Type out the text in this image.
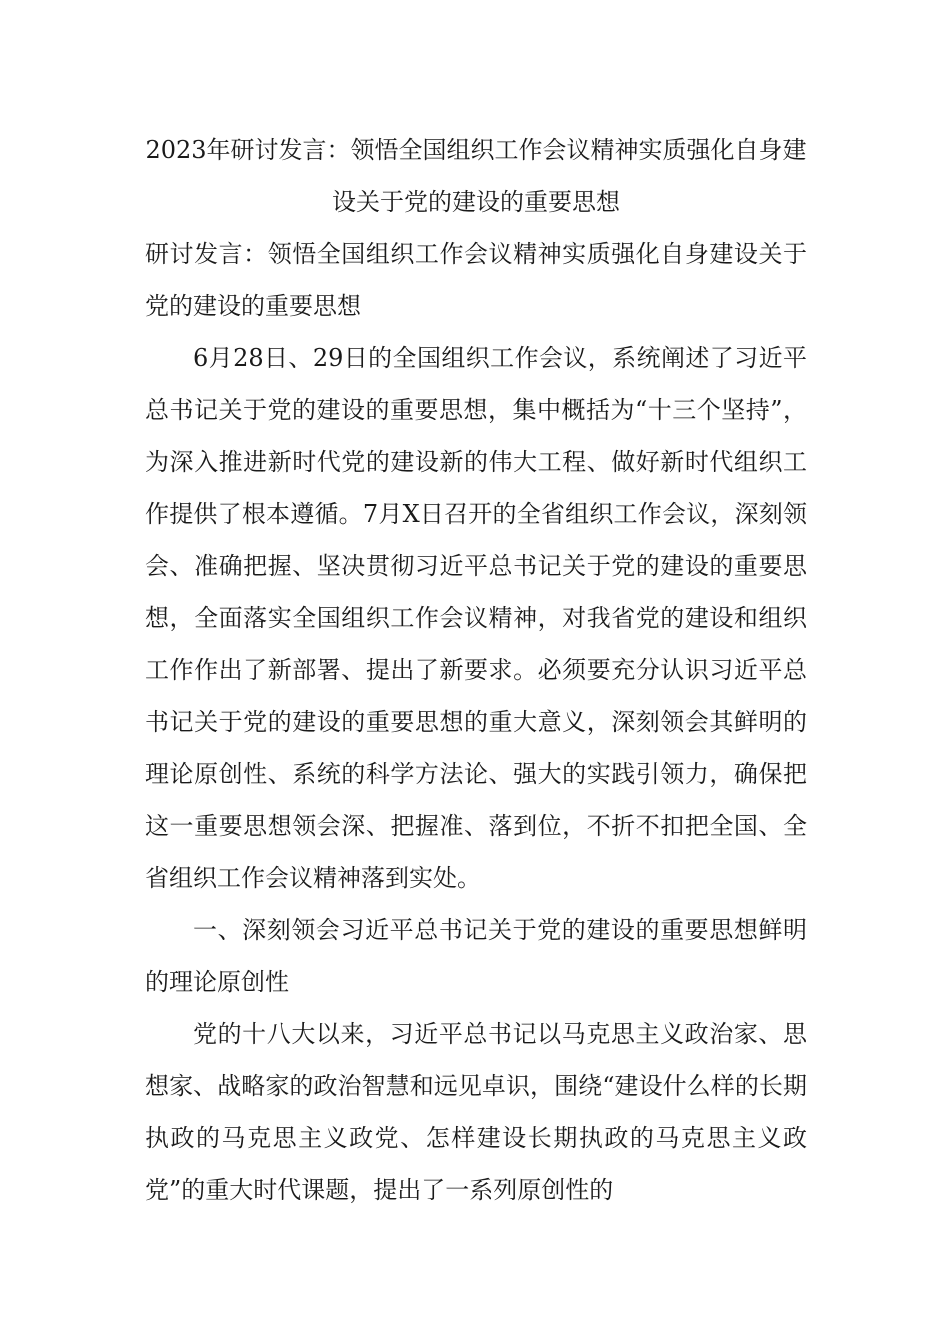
2023年研讨发言：领悟全国组织工作会议精神实质强化自身建设关于党的建设的重要思想

研讨发言：领悟全国组织工作会议精神实质强化自身建设关于党的建设的重要思想

6月28日、29日的全国组织工作会议，系统阐述了习近平总书记关于党的建设的重要思想，集中概括为“十三个坚持”，为深入推进新时代党的建设新的伟大工程、做好新时代组织工作提供了根本遵循。7月X日召开的全省组织工作会议，深刻领会、准确把握、坚决贯彻习近平总书记关于党的建设的重要思想，全面落实全国组织工作会议精神，对我省党的建设和组织工作作出了新部署、提出了新要求。必须要充分认识习近平总书记关于党的建设的重要思想的重大意义，深刻领会其鲜明的理论原创性、系统的科学方法论、强大的实践引领力，确保把这一重要思想领会深、把握准、落到位，不折不扣把全国、全省组织工作会议精神落到实处。

一、深刻领会习近平总书记关于党的建设的重要思想鲜明的理论原创性

党的十八大以来，习近平总书记以马克思主义政治家、思想家、战略家的政治智慧和远见卓识，围绕“建设什么样的长期执政的马克思主义政党、怎样建设长期执政的马克思主义政党”的重大时代课题，提出了一系列原创性的
